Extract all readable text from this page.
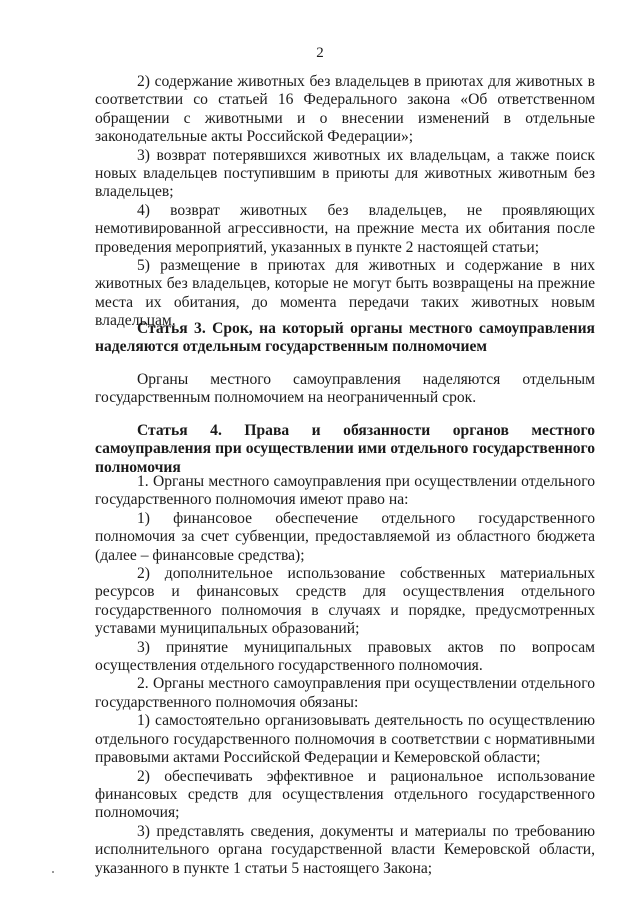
2

2) содержание животных без владельцев в приютах для животных в соответствии со статьей 16 Федерального закона «Об ответственном обращении с животными и о внесении изменений в отдельные законодательные акты Российской Федерации»;

3) возврат потерявшихся животных их владельцам, а также поиск новых владельцев поступившим в приюты для животных животным без владельцев;

4) возврат животных без владельцев, не проявляющих немотивированной агрессивности, на прежние места их обитания после проведения мероприятий, указанных в пункте 2 настоящей статьи;

5) размещение в приютах для животных и содержание в них животных без владельцев, которые не могут быть возвращены на прежние места их обитания, до момента передачи таких животных новым владельцам.

Статья 3. Срок, на который органы местного самоуправления наделяются отдельным государственным полномочием

Органы местного самоуправления наделяются отдельным государственным полномочием на неограниченный срок.

Статья 4. Права и обязанности органов местного самоуправления при осуществлении ими отдельного государственного полномочия

1. Органы местного самоуправления при осуществлении отдельного государственного полномочия имеют право на:

1) финансовое обеспечение отдельного государственного полномочия за счет субвенции, предоставляемой из областного бюджета (далее – финансовые средства);

2) дополнительное использование собственных материальных ресурсов и финансовых средств для осуществления отдельного государственного полномочия в случаях и порядке, предусмотренных уставами муниципальных образований;

3) принятие муниципальных правовых актов по вопросам осуществления отдельного государственного полномочия.

2. Органы местного самоуправления при осуществлении отдельного государственного полномочия обязаны:

1) самостоятельно организовывать деятельность по осуществлению отдельного государственного полномочия в соответствии с нормативными правовыми актами Российской Федерации и Кемеровской области;

2) обеспечивать эффективное и рациональное использование финансовых средств для осуществления отдельного государственного полномочия;

3) представлять сведения, документы и материалы по требованию исполнительного органа государственной власти Кемеровской области, указанного в пункте 1 статьи 5 настоящего Закона;
